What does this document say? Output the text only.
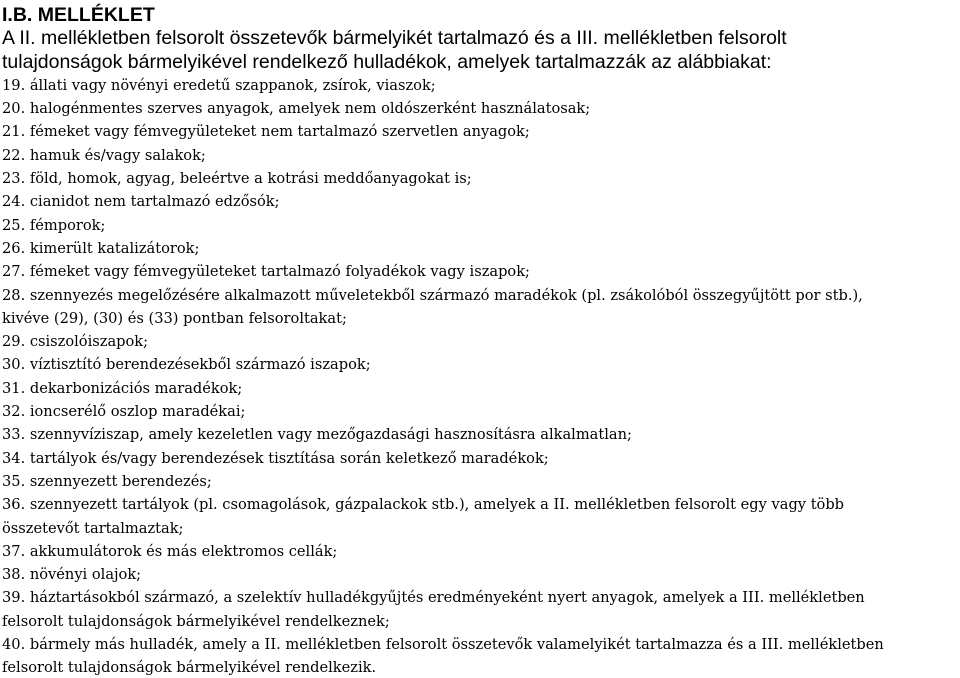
I.B. MELLÉKLET

A II. mellékletben felsorolt összetevők bármelyikét tartalmazó és a III. mellékletben felsorolt

tulajdonságok bármelyikével rendelkező hulladékok, amelyek tartalmazzák az alábbiakat:

19. állati vagy növényi eredetű szappanok, zsírok, viaszok;
20. halogénmentes szerves anyagok, amelyek nem oldószerként használatosak;
21. fémeket vagy fémvegyületeket nem tartalmazó szervetlen anyagok;
22. hamuk és/vagy salakok;
23. föld, homok, agyag, beleértve a kotrási meddőanyagokat is;
24. cianidot nem tartalmazó edzősók;
25. fémporok;
26. kimerült katalizátorok;
27. fémeket vagy fémvegyületeket tartalmazó folyadékok vagy iszapok;
28. szennyezés megelőzésére alkalmazott műveletekből származó maradékok (pl. zsákolóból összegyűjtött por stb.),
kivéve (29), (30) és (33) pontban felsoroltakat;
29. csiszolóiszapok;
30. víztisztító berendezésekből származó iszapok;
31. dekarbonizációs maradékok;
32. ioncserélő oszlop maradékai;
33. szennyvíziszap, amely kezeletlen vagy mezőgazdasági hasznosításra alkalmatlan;
34. tartályok és/vagy berendezések tisztítása során keletkező maradékok;
35. szennyezett berendezés;
36. szennyezett tartályok (pl. csomagolások, gázpalackok stb.), amelyek a II. mellékletben felsorolt egy vagy több
összetevőt tartalmaztak;
37. akkumulátorok és más elektromos cellák;
38. növényi olajok;
39. háztartásokból származó, a szelektív hulladékgyűjtés eredményeként nyert anyagok, amelyek a III. mellékletben
felsorolt tulajdonságok bármelyikével rendelkeznek;
40. bármely más hulladék, amely a II. mellékletben felsorolt összetevők valamelyikét tartalmazza és a III. mellékletben
felsorolt tulajdonságok bármelyikével rendelkezik.
